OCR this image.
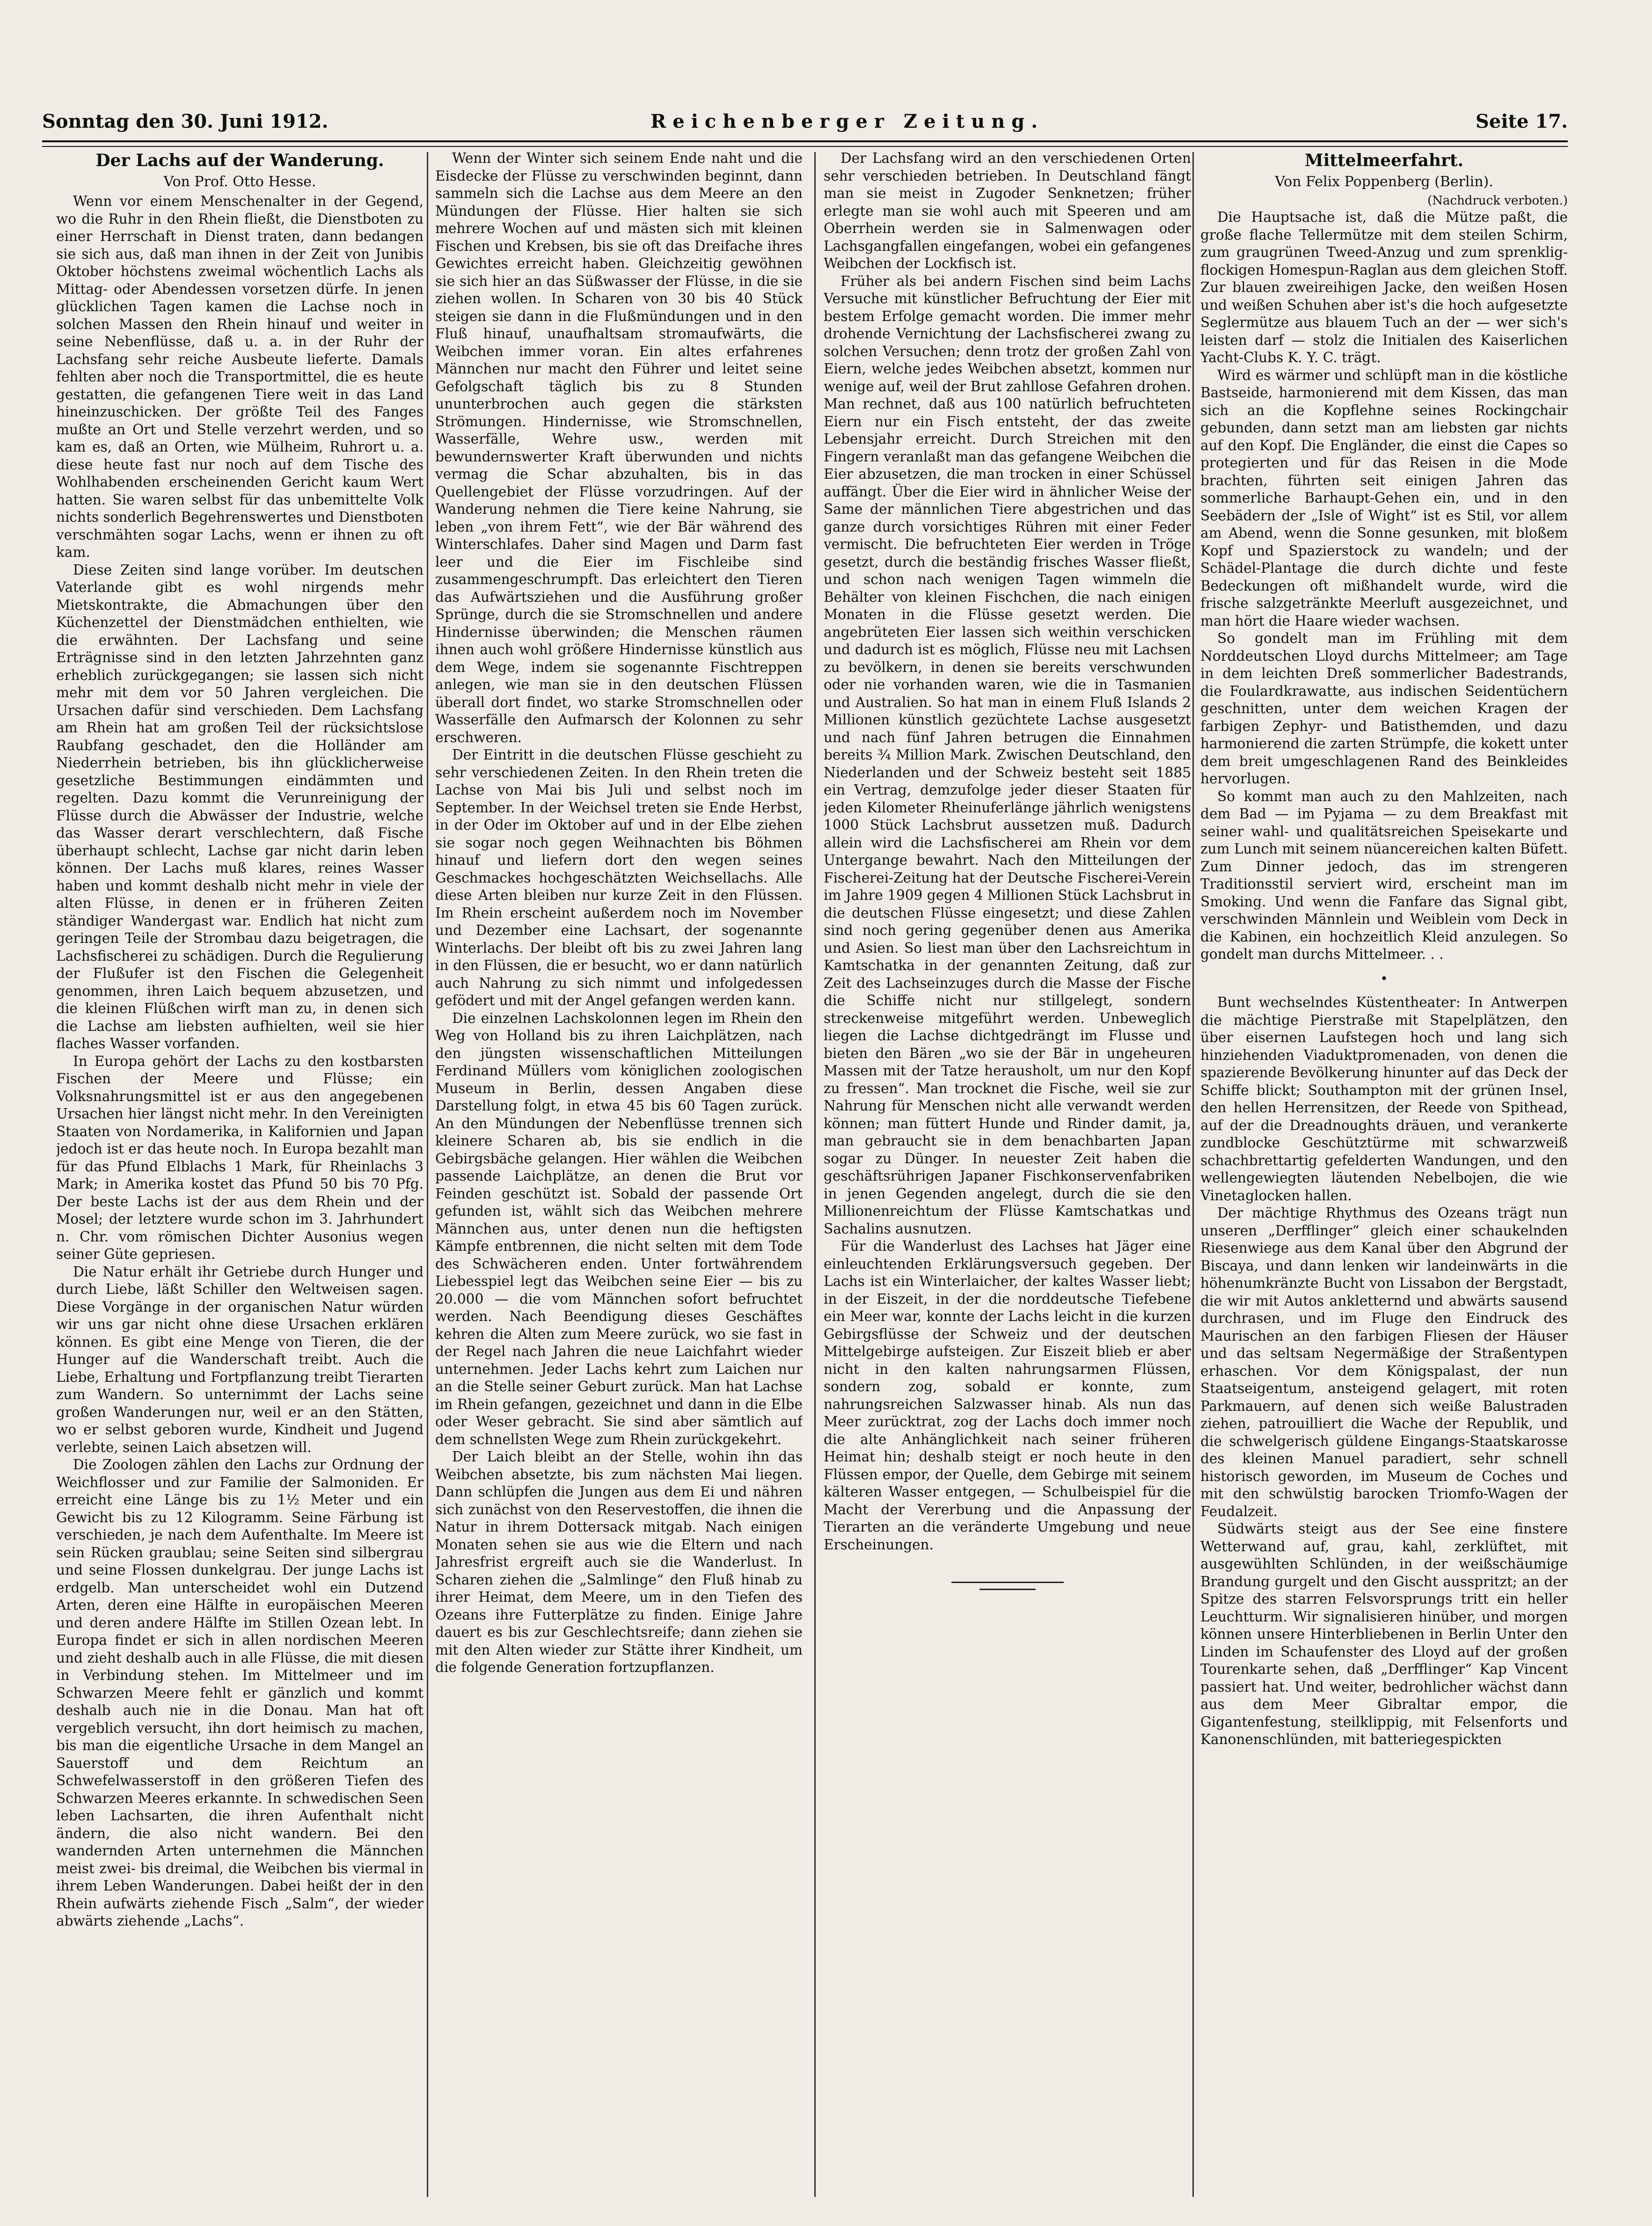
Sonntag den 30. Juni 1912.	Reichenberger Zeitung.	Seite 17.
Der Lachs auf der Wanderung.
Von Prof. Otto Hesse.

Wenn vor einem Menschenalter in der Gegend, wo die Ruhr in den Rhein fließt, die Dienstboten zu einer Herrschaft in Dienst traten, dann bedangen sie sich aus, daß man ihnen in der Zeit von Junibis Oktober höchstens zweimal wöchentlich Lachs als Mittag- oder Abendessen vorsetzen dürfe. In jenen glücklichen Tagen kamen die Lachse noch in solchen Massen den Rhein hinauf und weiter in seine Nebenflüsse, daß u. a. in der Ruhr der Lachsfang sehr reiche Ausbeute lieferte. Damals fehlten aber noch die Transportmittel, die es heute gestatten, die gefangenen Tiere weit in das Land hineinzuschicken. Der größte Teil des Fanges mußte an Ort und Stelle verzehrt werden, und so kam es, daß an Orten, wie Mülheim, Ruhrort u. a. diese heute fast nur noch auf dem Tische des Wohlhabenden erscheinenden Gericht kaum Wert hatten. Sie waren selbst für das unbemittelte Volk nichts sonderlich Begehrenswertes und Dienstboten verschmähten sogar Lachs, wenn er ihnen zu oft kam.

Diese Zeiten sind lange vorüber. Im deutschen Vaterlande gibt es wohl nirgends mehr Mietskontrakte, die Abmachungen über den Küchenzettel der Dienstmädchen enthielten, wie die erwähnten. Der Lachsfang und seine Erträgnisse sind in den letzten Jahrzehnten ganz erheblich zurückgegangen; sie lassen sich nicht mehr mit dem vor 50 Jahren vergleichen. Die Ursachen dafür sind verschieden. Dem Lachsfang am Rhein hat am großen Teil der rücksichtslose Raubfang geschadet, den die Holländer am Niederrhein betrieben, bis ihn glücklicherweise gesetzliche Bestimmungen eindämmten und regelten. Dazu kommt die Verunreinigung der Flüsse durch die Abwässer der Industrie, welche das Wasser derart verschlechtern, daß Fische überhaupt schlecht, Lachse gar nicht darin leben können. Der Lachs muß klares, reines Wasser haben und kommt deshalb nicht mehr in viele der alten Flüsse, in denen er in früheren Zeiten ständiger Wandergast war. Endlich hat nicht zum geringen Teile der Strombau dazu beigetragen, die Lachsfischerei zu schädigen. Durch die Regulierung der Flußufer ist den Fischen die Gelegenheit genommen, ihren Laich bequem abzusetzen, und die kleinen Flüßchen wirft man zu, in denen sich die Lachse am liebsten aufhielten, weil sie hier flaches Wasser vorfanden.

In Europa gehört der Lachs zu den kostbarsten Fischen der Meere und Flüsse; ein Volksnahrungsmittel ist er aus den angegebenen Ursachen hier längst nicht mehr. In den Vereinigten Staaten von Nordamerika, in Kalifornien und Japan jedoch ist er das heute noch. In Europa bezahlt man für das Pfund Elblachs 1 Mark, für Rheinlachs 3 Mark; in Amerika kostet das Pfund 50 bis 70 Pfg. Der beste Lachs ist der aus dem Rhein und der Mosel; der letztere wurde schon im 3. Jahrhundert n. Chr. vom römischen Dichter Ausonius wegen seiner Güte gepriesen.

Die Natur erhält ihr Getriebe durch Hunger und durch Liebe, läßt Schiller den Weltweisen sagen. Diese Vorgänge in der organischen Natur würden wir uns gar nicht ohne diese Ursachen erklären können. Es gibt eine Menge von Tieren, die der Hunger auf die Wanderschaft treibt. Auch die Liebe, Erhaltung und Fortpflanzung treibt Tierarten zum Wandern. So unternimmt der Lachs seine großen Wanderungen nur, weil er an den Stätten, wo er selbst geboren wurde, Kindheit und Jugend verlebte, seinen Laich absetzen will.

Die Zoologen zählen den Lachs zur Ordnung der Weichflosser und zur Familie der Salmoniden. Er erreicht eine Länge bis zu 1½ Meter und ein Gewicht bis zu 12 Kilogramm. Seine Färbung ist verschieden, je nach dem Aufenthalte. Im Meere ist sein Rücken graublau; seine Seiten sind silbergrau und seine Flossen dunkelgrau. Der junge Lachs ist erdgelb. Man unterscheidet wohl ein Dutzend Arten, deren eine Hälfte in europäischen Meeren und deren andere Hälfte im Stillen Ozean lebt. In Europa findet er sich in allen nordischen Meeren und zieht deshalb auch in alle Flüsse, die mit diesen in Verbindung stehen. Im Mittelmeer und im Schwarzen Meere fehlt er gänzlich und kommt deshalb auch nie in die Donau. Man hat oft vergeblich versucht, ihn dort heimisch zu machen, bis man die eigentliche Ursache in dem Mangel an Sauerstoff und dem Reichtum an Schwefelwasserstoff in den größeren Tiefen des Schwarzen Meeres erkannte. In schwedischen Seen leben Lachsarten, die ihren Aufenthalt nicht ändern, die also nicht wandern. Bei den wandernden Arten unternehmen die Männchen meist zwei- bis dreimal, die Weibchen bis viermal in ihrem Leben Wanderungen. Dabei heißt der in den Rhein aufwärts ziehende Fisch „Salm“, der wieder abwärts ziehende „Lachs“.

Wenn der Winter sich seinem Ende naht und die Eisdecke der Flüsse zu verschwinden beginnt, dann sammeln sich die Lachse aus dem Meere an den Mündungen der Flüsse. Hier halten sie sich mehrere Wochen auf und mästen sich mit kleinen Fischen und Krebsen, bis sie oft das Dreifache ihres Gewichtes erreicht haben. Gleichzeitig gewöhnen sie sich hier an das Süßwasser der Flüsse, in die sie ziehen wollen. In Scharen von 30 bis 40 Stück steigen sie dann in die Flußmündungen und in den Fluß hinauf, unaufhaltsam stromaufwärts, die Weibchen immer voran. Ein altes erfahrenes Männchen nur macht den Führer und leitet seine Gefolgschaft täglich bis zu 8 Stunden ununterbrochen auch gegen die stärksten Strömungen. Hindernisse, wie Stromschnellen, Wasserfälle, Wehre usw., werden mit bewundernswerter Kraft überwunden und nichts vermag die Schar abzuhalten, bis in das Quellengebiet der Flüsse vorzudringen. Auf der Wanderung nehmen die Tiere keine Nahrung, sie leben „von ihrem Fett“, wie der Bär während des Winterschlafes. Daher sind Magen und Darm fast leer und die Eier im Fischleibe sind zusammengeschrumpft. Das erleichtert den Tieren das Aufwärtsziehen und die Ausführung großer Sprünge, durch die sie Stromschnellen und andere Hindernisse überwinden; die Menschen räumen ihnen auch wohl größere Hindernisse künstlich aus dem Wege, indem sie sogenannte Fischtreppen anlegen, wie man sie in den deutschen Flüssen überall dort findet, wo starke Stromschnellen oder Wasserfälle den Aufmarsch der Kolonnen zu sehr erschweren.

Der Eintritt in die deutschen Flüsse geschieht zu sehr verschiedenen Zeiten. In den Rhein treten die Lachse von Mai bis Juli und selbst noch im September. In der Weichsel treten sie Ende Herbst, in der Oder im Oktober auf und in der Elbe ziehen sie sogar noch gegen Weihnachten bis Böhmen hinauf und liefern dort den wegen seines Geschmackes hochgeschätzten Weichsellachs. Alle diese Arten bleiben nur kurze Zeit in den Flüssen. Im Rhein erscheint außerdem noch im November und Dezember eine Lachsart, der sogenannte Winterlachs. Der bleibt oft bis zu zwei Jahren lang in den Flüssen, die er besucht, wo er dann natürlich auch Nahrung zu sich nimmt und infolgedessen gefödert und mit der Angel gefangen werden kann.

Die einzelnen Lachskolonnen legen im Rhein den Weg von Holland bis zu ihren Laichplätzen, nach den jüngsten wissenschaftlichen Mitteilungen Ferdinand Müllers vom königlichen zoologischen Museum in Berlin, dessen Angaben diese Darstellung folgt, in etwa 45 bis 60 Tagen zurück. An den Mündungen der Nebenflüsse trennen sich kleinere Scharen ab, bis sie endlich in die Gebirgsbäche gelangen. Hier wählen die Weibchen passende Laichplätze, an denen die Brut vor Feinden geschützt ist. Sobald der passende Ort gefunden ist, wählt sich das Weibchen mehrere Männchen aus, unter denen nun die heftigsten Kämpfe entbrennen, die nicht selten mit dem Tode des Schwächeren enden. Unter fortwährendem Liebesspiel legt das Weibchen seine Eier — bis zu 20.000 — die vom Männchen sofort befruchtet werden. Nach Beendigung dieses Geschäftes kehren die Alten zum Meere zurück, wo sie fast in der Regel nach Jahren die neue Laichfahrt wieder unternehmen. Jeder Lachs kehrt zum Laichen nur an die Stelle seiner Geburt zurück. Man hat Lachse im Rhein gefangen, gezeichnet und dann in die Elbe oder Weser gebracht. Sie sind aber sämtlich auf dem schnellsten Wege zum Rhein zurückgekehrt.

Der Laich bleibt an der Stelle, wohin ihn das Weibchen absetzte, bis zum nächsten Mai liegen. Dann schlüpfen die Jungen aus dem Ei und nähren sich zunächst von den Reservestoffen, die ihnen die Natur in ihrem Dottersack mitgab. Nach einigen Monaten sehen sie aus wie die Eltern und nach Jahresfrist ergreift auch sie die Wanderlust. In Scharen ziehen die „Salmlinge“ den Fluß hinab zu ihrer Heimat, dem Meere, um in den Tiefen des Ozeans ihre Futterplätze zu finden. Einige Jahre dauert es bis zur Geschlechtsreife; dann ziehen sie mit den Alten wieder zur Stätte ihrer Kindheit, um die folgende Generation fortzupflanzen.

Der Lachsfang wird an den verschiedenen Orten sehr verschieden betrieben. In Deutschland fängt man sie meist in Zugoder Senknetzen; früher erlegte man sie wohl auch mit Speeren und am Oberrhein werden sie in Salmenwagen oder Lachsgangfallen eingefangen, wobei ein gefangenes Weibchen der Lockfisch ist.

Früher als bei andern Fischen sind beim Lachs Versuche mit künstlicher Befruchtung der Eier mit bestem Erfolge gemacht worden. Die immer mehr drohende Vernichtung der Lachsfischerei zwang zu solchen Versuchen; denn trotz der großen Zahl von Eiern, welche jedes Weibchen absetzt, kommen nur wenige auf, weil der Brut zahllose Gefahren drohen. Man rechnet, daß aus 100 natürlich befruchteten Eiern nur ein Fisch entsteht, der das zweite Lebensjahr erreicht. Durch Streichen mit den Fingern veranlaßt man das gefangene Weibchen die Eier abzusetzen, die man trocken in einer Schüssel auffängt. Über die Eier wird in ähnlicher Weise der Same der männlichen Tiere abgestrichen und das ganze durch vorsichtiges Rühren mit einer Feder vermischt. Die befruchteten Eier werden in Tröge gesetzt, durch die beständig frisches Wasser fließt, und schon nach wenigen Tagen wimmeln die Behälter von kleinen Fischchen, die nach einigen Monaten in die Flüsse gesetzt werden. Die angebrüteten Eier lassen sich weithin verschicken und dadurch ist es möglich, Flüsse neu mit Lachsen zu bevölkern, in denen sie bereits verschwunden oder nie vorhanden waren, wie die in Tasmanien und Australien. So hat man in einem Fluß Islands 2 Millionen künstlich gezüchtete Lachse ausgesetzt und nach fünf Jahren betrugen die Einnahmen bereits ¾ Million Mark. Zwischen Deutschland, den Niederlanden und der Schweiz besteht seit 1885 ein Vertrag, demzufolge jeder dieser Staaten für jeden Kilometer Rheinuferlänge jährlich wenigstens 1000 Stück Lachsbrut aussetzen muß. Dadurch allein wird die Lachsfischerei am Rhein vor dem Untergange bewahrt. Nach den Mitteilungen der Fischerei-Zeitung hat der Deutsche Fischerei-Verein im Jahre 1909 gegen 4 Millionen Stück Lachsbrut in die deutschen Flüsse eingesetzt; und diese Zahlen sind noch gering gegenüber denen aus Amerika und Asien. So liest man über den Lachsreichtum in Kamtschatka in der genannten Zeitung, daß zur Zeit des Lachseinzuges durch die Masse der Fische die Schiffe nicht nur stillgelegt, sondern streckenweise mitgeführt werden. Unbeweglich liegen die Lachse dichtgedrängt im Flusse und bieten den Bären „wo sie der Bär in ungeheuren Massen mit der Tatze herausholt, um nur den Kopf zu fressen“. Man trocknet die Fische, weil sie zur Nahrung für Menschen nicht alle verwandt werden können; man füttert Hunde und Rinder damit, ja, man gebraucht sie in dem benachbarten Japan sogar zu Dünger. In neuester Zeit haben die geschäftsrührigen Japaner Fischkonservenfabriken in jenen Gegenden angelegt, durch die sie den Millionenreichtum der Flüsse Kamtschatkas und Sachalins ausnutzen.

Für die Wanderlust des Lachses hat Jäger eine einleuchtenden Erklärungsversuch gegeben. Der Lachs ist ein Winterlaicher, der kaltes Wasser liebt; in der Eiszeit, in der die norddeutsche Tiefebene ein Meer war, konnte der Lachs leicht in die kurzen Gebirgsflüsse der Schweiz und der deutschen Mittelgebirge aufsteigen. Zur Eiszeit blieb er aber nicht in den kalten nahrungsarmen Flüssen, sondern zog, sobald er konnte, zum nahrungsreichen Salzwasser hinab. Als nun das Meer zurücktrat, zog der Lachs doch immer noch die alte Anhänglichkeit nach seiner früheren Heimat hin; deshalb steigt er noch heute in den Flüssen empor, der Quelle, dem Gebirge mit seinem kälteren Wasser entgegen, — Schulbeispiel für die Macht der Vererbung und die Anpassung der Tierarten an die veränderte Umgebung und neue Erscheinungen.

Mittelmeerfahrt.
Von Felix Poppenberg (Berlin).
(Nachdruck verboten.)

Die Hauptsache ist, daß die Mütze paßt, die große flache Tellermütze mit dem steilen Schirm, zum graugrünen Tweed-Anzug und zum sprenklig-flockigen Homespun-Raglan aus dem gleichen Stoff. Zur blauen zweireihigen Jacke, den weißen Hosen und weißen Schuhen aber ist's die hoch aufgesetzte Seglermütze aus blauem Tuch an der — wer sich's leisten darf — stolz die Initialen des Kaiserlichen Yacht-Clubs K. Y. C. trägt.

Wird es wärmer und schlüpft man in die köstliche Bastseide, harmonierend mit dem Kissen, das man sich an die Kopflehne seines Rockingchair gebunden, dann setzt man am liebsten gar nichts auf den Kopf. Die Engländer, die einst die Capes so protegierten und für das Reisen in die Mode brachten, führten seit einigen Jahren das sommerliche Barhaupt-Gehen ein, und in den Seebädern der „Isle of Wight“ ist es Stil, vor allem am Abend, wenn die Sonne gesunken, mit bloßem Kopf und Spazierstock zu wandeln; und der Schädel-Plantage die durch dichte und feste Bedeckungen oft mißhandelt wurde, wird die frische salzgetränkte Meerluft ausgezeichnet, und man hört die Haare wieder wachsen.

So gondelt man im Frühling mit dem Norddeutschen Lloyd durchs Mittelmeer; am Tage in dem leichten Dreß sommerlicher Badestrands, die Foulardkrawatte, aus indischen Seidentüchern geschnitten, unter dem weichen Kragen der farbigen Zephyr- und Batisthemden, und dazu harmonierend die zarten Strümpfe, die kokett unter dem breit umgeschlagenen Rand des Beinkleides hervorlugen.

So kommt man auch zu den Mahlzeiten, nach dem Bad — im Pyjama — zu dem Breakfast mit seiner wahl- und qualitätsreichen Speisekarte und zum Lunch mit seinem nüancereichen kalten Büfett. Zum Dinner jedoch, das im strengeren Traditionsstil serviert wird, erscheint man im Smoking. Und wenn die Fanfare das Signal gibt, verschwinden Männlein und Weiblein vom Deck in die Kabinen, ein hochzeitlich Kleid anzulegen. So gondelt man durchs Mittelmeer. . .

•

Bunt wechselndes Küstentheater: In Antwerpen die mächtige Pierstraße mit Stapelplätzen, den über eisernen Laufstegen hoch und lang sich hinziehenden Viaduktpromenaden, von denen die spazierende Bevölkerung hinunter auf das Deck der Schiffe blickt; Southampton mit der grünen Insel, den hellen Herrensitzen, der Reede von Spithead, auf der die Dreadnoughts dräuen, und verankerte zundblocke Geschütztürme mit schwarzweiß schachbrettartig gefelderten Wandungen, und den wellengewiegten läutenden Nebelbojen, die wie Vinetaglocken hallen.

Der mächtige Rhythmus des Ozeans trägt nun unseren „Derfflinger“ gleich einer schaukelnden Riesenwiege aus dem Kanal über den Abgrund der Biscaya, und dann lenken wir landeinwärts in die höhenumkränzte Bucht von Lissabon der Bergstadt, die wir mit Autos ankletternd und abwärts sausend durchrasen, und im Fluge den Eindruck des Maurischen an den farbigen Fliesen der Häuser und das seltsam Negermäßige der Straßentypen erhaschen. Vor dem Königspalast, der nun Staatseigentum, ansteigend gelagert, mit roten Parkmauern, auf denen sich weiße Balustraden ziehen, patrouilliert die Wache der Republik, und die schwelgerisch güldene Eingangs-Staatskarosse des kleinen Manuel paradiert, sehr schnell historisch geworden, im Museum de Coches und mit den schwülstig barocken Triomfo-Wagen der Feudalzeit.

Südwärts steigt aus der See eine finstere Wetterwand auf, grau, kahl, zerklüftet, mit ausgewühlten Schlünden, in der weißschäumige Brandung gurgelt und den Gischt ausspritzt; an der Spitze des starren Felsvorsprungs tritt ein heller Leuchtturm. Wir signalisieren hinüber, und morgen können unsere Hinterbliebenen in Berlin Unter den Linden im Schaufenster des Lloyd auf der großen Tourenkarte sehen, daß „Derfflinger“ Kap Vincent passiert hat. Und weiter, bedrohlicher wächst dann aus dem Meer Gibraltar empor, die Gigantenfestung, steilklippig, mit Felsenforts und Kanonenschlünden, mit batteriegespickten
